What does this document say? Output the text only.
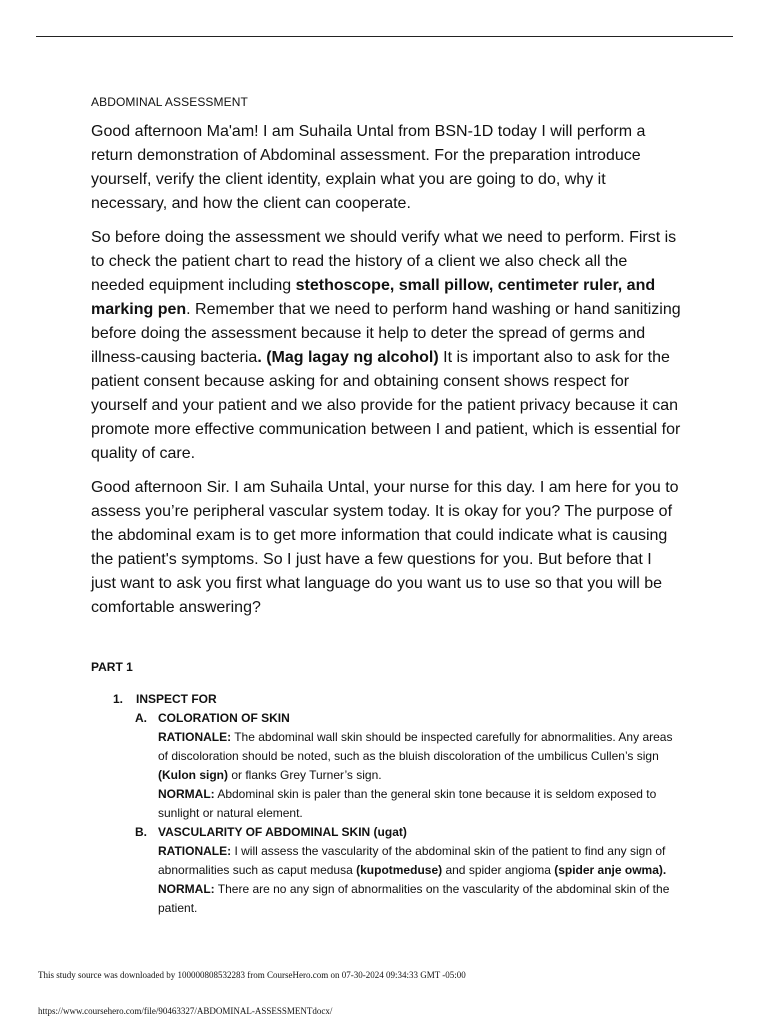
ABDOMINAL ASSESSMENT

Good afternoon Ma'am! I am Suhaila Untal from BSN-1D today I will perform a return demonstration of Abdominal assessment. For the preparation introduce yourself, verify the client identity, explain what you are going to do, why it necessary, and how the client can cooperate.

So before doing the assessment we should verify what we need to perform. First is to check the patient chart to read the history of a client we also check all the needed equipment including stethoscope, small pillow, centimeter ruler, and marking pen. Remember that we need to perform hand washing or hand sanitizing before doing the assessment because it help to deter the spread of germs and illness-causing bacteria. (Mag lagay ng alcohol) It is important also to ask for the patient consent because asking for and obtaining consent shows respect for yourself and your patient and we also provide for the patient privacy because it can promote more effective communication between I and patient, which is essential for quality of care.

Good afternoon Sir. I am Suhaila Untal, your nurse for this day. I am here for you to assess you’re peripheral vascular system today. It is okay for you? The purpose of the abdominal exam is to get more information that could indicate what is causing the patient's symptoms. So I just have a few questions for you. But before that I just want to ask you first what language do you want us to use so that you will be comfortable answering?

PART 1
1. INSPECT FOR
A. COLORATION OF SKIN
RATIONALE: The abdominal wall skin should be inspected carefully for abnormalities. Any areas of discoloration should be noted, such as the bluish discoloration of the umbilicus Cullen’s sign (Kulon sign) or flanks Grey Turner’s sign.
NORMAL: Abdominal skin is paler than the general skin tone because it is seldom exposed to sunlight or natural element.
B. VASCULARITY OF ABDOMINAL SKIN (ugat)
RATIONALE: I will assess the vascularity of the abdominal skin of the patient to find any sign of abnormalities such as caput medusa (kupotmeduse) and spider angioma (spider anje owma).
NORMAL: There are no any sign of abnormalities on the vascularity of the abdominal skin of the patient.
This study source was downloaded by 100000808532283 from CourseHero.com on 07-30-2024 09:34:33 GMT -05:00
https://www.coursehero.com/file/90463327/ABDOMINAL-ASSESSMENTdocx/
